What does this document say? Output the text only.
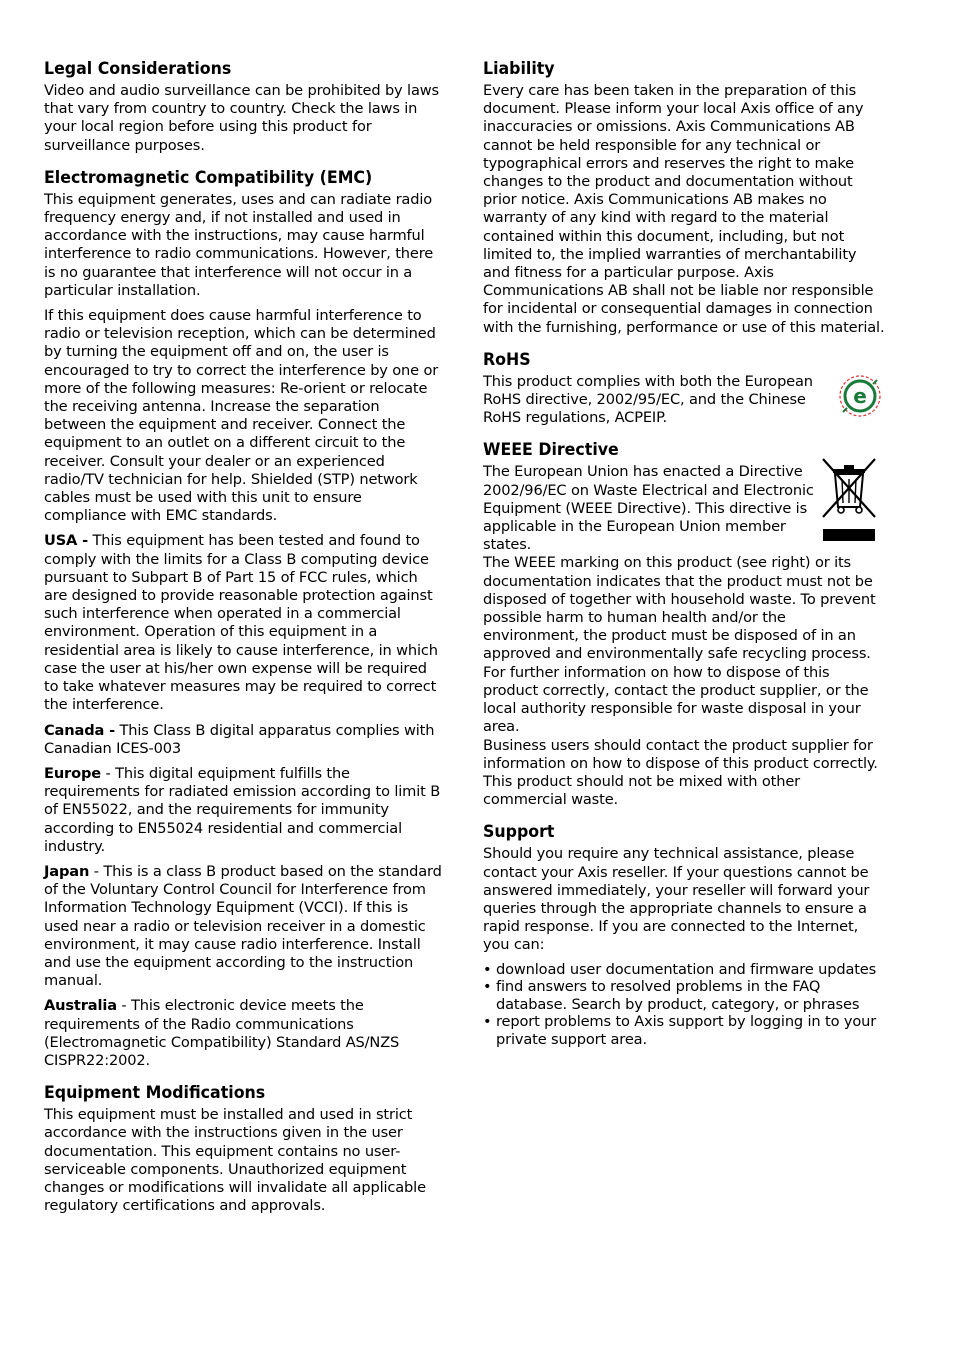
Legal Considerations

Video and audio surveillance can be prohibited by laws that vary from country to country. Check the laws in your local region before using this product for surveillance purposes.

Electromagnetic Compatibility (EMC)

This equipment generates, uses and can radiate radio frequency energy and, if not installed and used in accordance with the instructions, may cause harmful interference to radio communications. However, there is no guarantee that interference will not occur in a particular installation.

If this equipment does cause harmful interference to radio or television reception, which can be determined by turning the equipment off and on, the user is encouraged to try to correct the interference by one or more of the following measures: Re-orient or relocate the receiving antenna. Increase the separation between the equipment and receiver. Connect the equipment to an outlet on a different circuit to the receiver. Consult your dealer or an experienced radio/TV technician for help. Shielded (STP) network cables must be used with this unit to ensure compliance with EMC standards.

USA - This equipment has been tested and found to comply with the limits for a Class B computing device pursuant to Subpart B of Part 15 of FCC rules, which are designed to provide reasonable protection against such interference when operated in a commercial environment. Operation of this equipment in a residential area is likely to cause interference, in which case the user at his/her own expense will be required to take whatever measures may be required to correct the interference.

Canada - This Class B digital apparatus complies with Canadian ICES-003

Europe - This digital equipment fulfills the requirements for radiated emission according to limit B of EN55022, and the requirements for immunity according to EN55024 residential and commercial industry.

Japan - This is a class B product based on the standard of the Voluntary Control Council for Interference from Information Technology Equipment (VCCI). If this is used near a radio or television receiver in a domestic environment, it may cause radio interference. Install and use the equipment according to the instruction manual.

Australia - This electronic device meets the requirements of the Radio communications (Electromagnetic Compatibility) Standard AS/NZS CISPR22:2002.

Equipment Modifications

This equipment must be installed and used in strict accordance with the instructions given in the user documentation. This equipment contains no user-serviceable components. Unauthorized equipment changes or modifications will invalidate all applicable regulatory certifications and approvals.

Liability

Every care has been taken in the preparation of this document. Please inform your local Axis office of any inaccuracies or omissions. Axis Communications AB cannot be held responsible for any technical or typographical errors and reserves the right to make changes to the product and documentation without prior notice. Axis Communications AB makes no warranty of any kind with regard to the material contained within this document, including, but not limited to, the implied warranties of merchantability and fitness for a particular purpose. Axis Communications AB shall not be liable nor responsible for incidental or consequential damages in connection with the furnishing, performance or use of this material.

RoHS

This product complies with both the European RoHS directive, 2002/95/EC, and the Chinese RoHS regulations, ACPEIP.

e
WEEE Directive

The European Union has enacted a Directive 2002/96/EC on Waste Electrical and Electronic Equipment (WEEE Directive). This directive is applicable in the European Union member states.

The WEEE marking on this product (see right) or its documentation indicates that the product must not be disposed of together with household waste. To prevent possible harm to human health and/or the environment, the product must be disposed of in an approved and environmentally safe recycling process. For further information on how to dispose of this product correctly, contact the product supplier, or the local authority responsible for waste disposal in your area.

Business users should contact the product supplier for information on how to dispose of this product correctly. This product should not be mixed with other commercial waste.

Support

Should you require any technical assistance, please contact your Axis reseller. If your questions cannot be answered immediately, your reseller will forward your queries through the appropriate channels to ensure a rapid response. If you are connected to the Internet, you can:

• download user documentation and firmware updates
• find answers to resolved problems in the FAQ database. Search by product, category, or phrases
• report problems to Axis support by logging in to your private support area.
